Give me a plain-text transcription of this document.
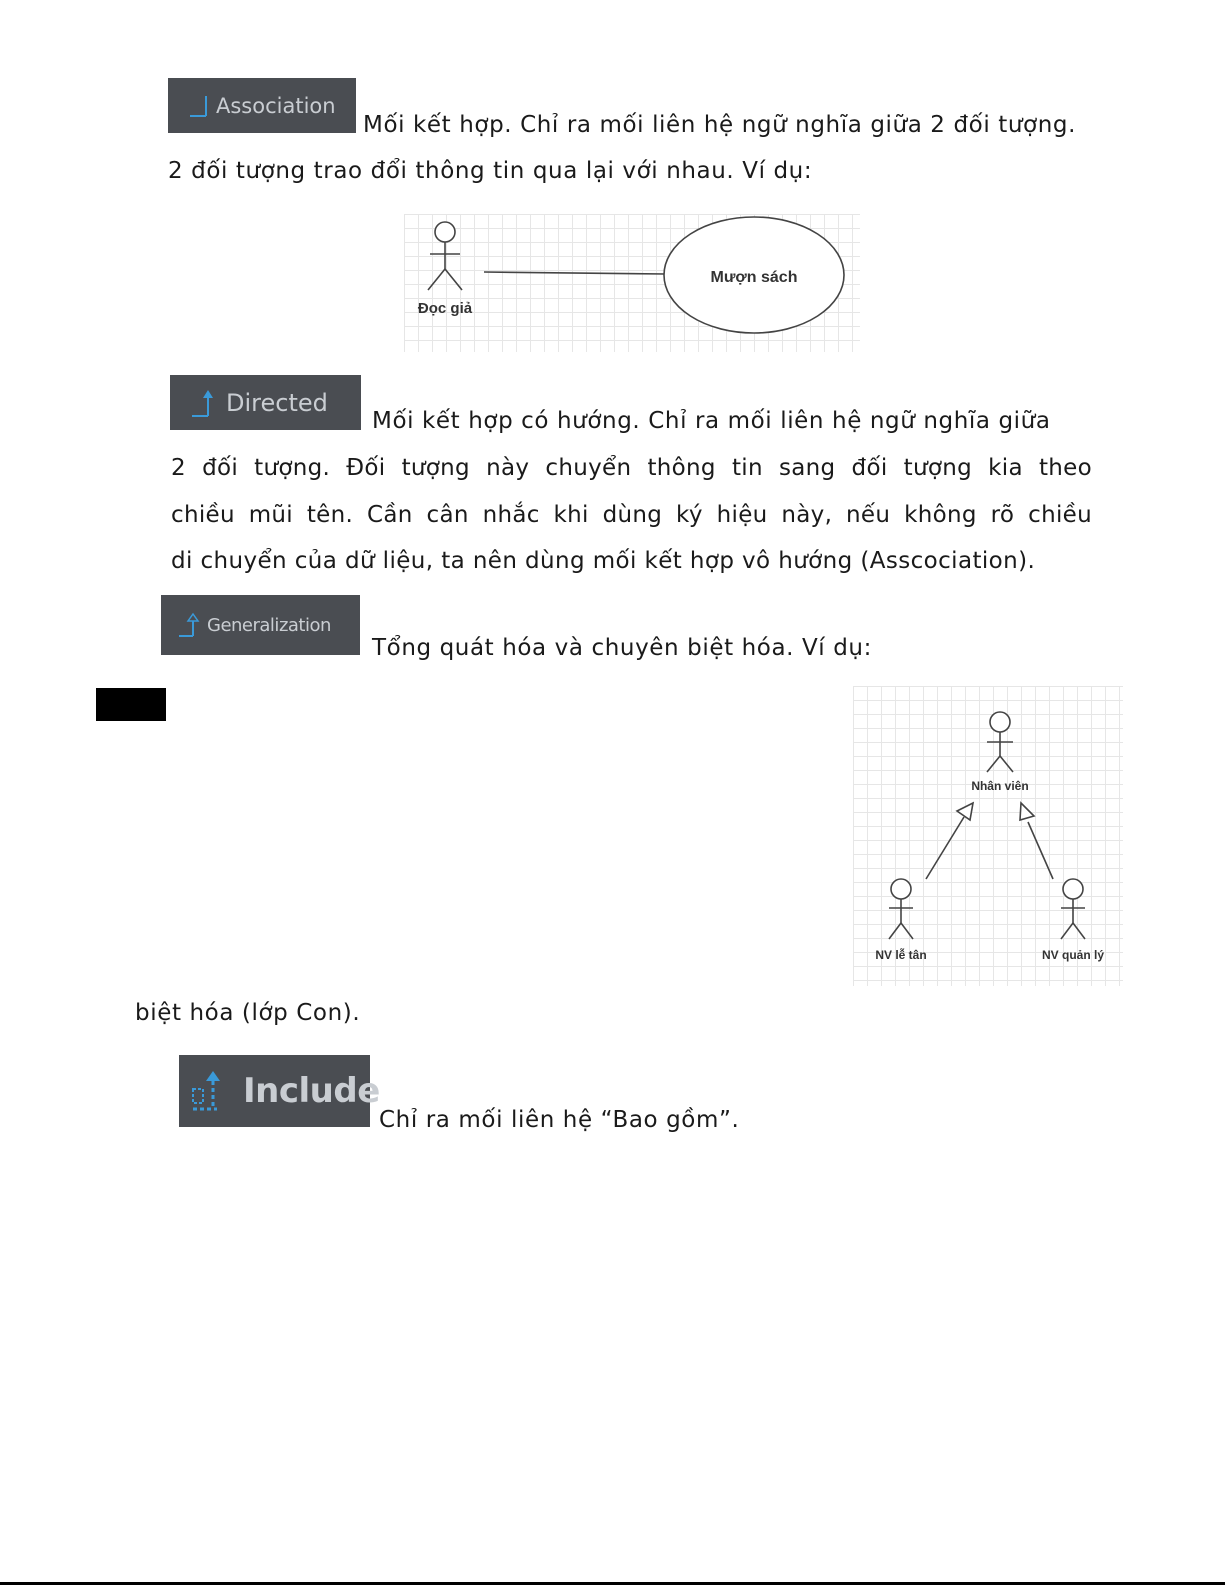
Association
Mối kết hợp. Chỉ ra mối liên hệ ngữ nghĩa giữa 2 đối tượng.
2 đối tượng trao đổi thông tin qua lại với nhau. Ví dụ:
Đọc giả
Mượn sách
Directed
Mối kết hợp có hướng. Chỉ ra mối liên hệ ngữ nghĩa giữa
2 đối tượng. Đối tượng này chuyển thông tin sang đối tượng kia theo
chiều mũi tên. Cần cân nhắc khi dùng ký hiệu này, nếu không rõ chiều
di chuyển của dữ liệu, ta nên dùng mối kết hợp vô hướng (Asscociation).
Generalization
Tổng quát hóa và chuyên biệt hóa. Ví dụ:
Nhân viên
NV lễ tân	NV quản lý
biệt hóa (lớp Con).
Include
Chỉ ra mối liên hệ “Bao gồm”.
